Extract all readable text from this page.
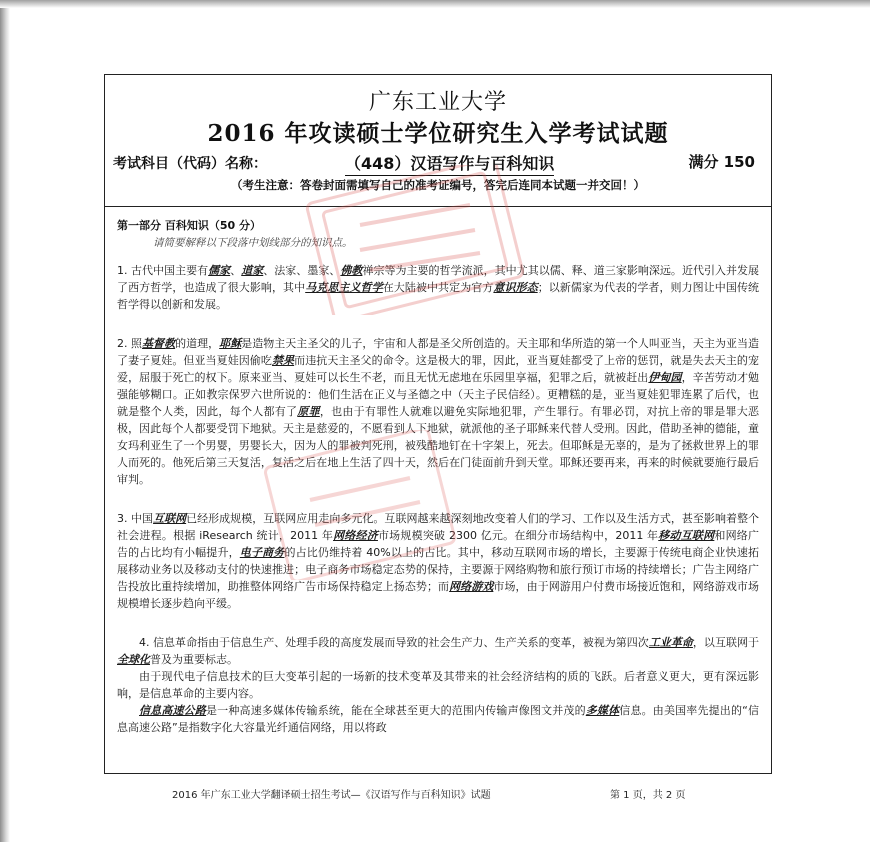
广东工业大学
2016 年攻读硕士学位研究生入学考试试题
考试科目（代码）名称：	（448）汉语写作与百科知识	满分 150
（考生注意：答卷封面需填写自己的准考证编号，答完后连同本试题一并交回！）
第一部分 百科知识（50 分）
请简要解释以下段落中划线部分的知识点。

1. 古代中国主要有儒家、道家、法家、墨家、佛教禅宗等为主要的哲学流派，其中尤其以儒、释、道三家影响深远。近代引入并发展了西方哲学，也造成了很大影响，其中马克思主义哲学在大陆被中共定为官方意识形态；以新儒家为代表的学者，则力图让中国传统哲学得以创新和发展。

2. 照基督教的道理，耶稣是造物主天主圣父的儿子，宇宙和人都是圣父所创造的。天主耶和华所造的第一个人叫亚当，天主为亚当造了妻子夏娃。但亚当夏娃因偷吃禁果而违抗天主圣父的命令。这是极大的罪，因此，亚当夏娃都受了上帝的惩罚，就是失去天主的宠爱，屈服于死亡的权下。原来亚当、夏娃可以长生不老，而且无忧无虑地在乐园里享福，犯罪之后，就被赶出伊甸园，辛苦劳动才勉强能够糊口。正如教宗保罗六世所说的：他们生活在正义与圣德之中（天主子民信经）。更糟糕的是，亚当夏娃犯罪连累了后代，也就是整个人类，因此，每个人都有了原罪，也由于有罪性人就难以避免实际地犯罪，产生罪行。有罪必罚，对抗上帝的罪是罪大恶极，因此每个人都要受罚下地狱。天主是慈爱的，不愿看到人下地狱，就派他的圣子耶稣来代替人受刑。因此，借助圣神的德能，童女玛利亚生了一个男婴，男婴长大，因为人的罪被判死刑，被残酷地钉在十字架上，死去。但耶稣是无辜的，是为了拯救世界上的罪人而死的。他死后第三天复活，复活之后在地上生活了四十天，然后在门徒面前升到天堂。耶稣还要再来，再来的时候就要施行最后审判。

3. 中国互联网已经形成规模，互联网应用走向多元化。互联网越来越深刻地改变着人们的学习、工作以及生活方式，甚至影响着整个社会进程。根据 iResearch 统计，2011 年网络经济市场规模突破 2300 亿元。在细分市场结构中，2011 年移动互联网和网络广告的占比均有小幅提升，电子商务的占比仍维持着 40%以上的占比。其中，移动互联网市场的增长，主要源于传统电商企业快速拓展移动业务以及移动支付的快速推进；电子商务市场稳定态势的保持，主要源于网络购物和旅行预订市场的持续增长；广告主网络广告投放比重持续增加，助推整体网络广告市场保持稳定上扬态势；而网络游戏市场，由于网游用户付费市场接近饱和，网络游戏市场规模增长逐步趋向平缓。

4. 信息革命指由于信息生产、处理手段的高度发展而导致的社会生产力、生产关系的变革，被视为第四次工业革命，以互联网于全球化普及为重要标志。

由于现代电子信息技术的巨大变革引起的一场新的技术变革及其带来的社会经济结构的质的飞跃。后者意义更大，更有深远影响，是信息革命的主要内容。

信息高速公路是一种高速多媒体传输系统，能在全球甚至更大的范围内传输声像图文并茂的多媒体信息。由美国率先提出的“信息高速公路”是指数字化大容量光纤通信网络，用以将政

2016 年广东工业大学翻译硕士招生考试—《汉语写作与百科知识》试题	第 1 页，共 2 页
